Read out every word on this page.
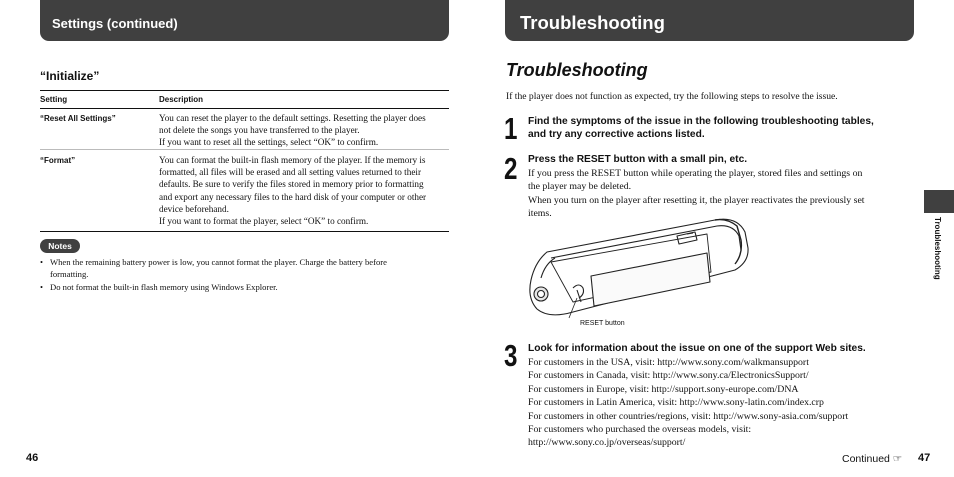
Settings (continued)
“Initialize”
Setting	Description
“Reset All Settings”	You can reset the player to the default settings. Resetting the player does
not delete the songs you have transferred to the player.
If you want to reset all the settings, select “OK” to confirm.
“Format”	You can format the built-in flash memory of the player. If the memory is
formatted, all files will be erased and all setting values returned to their
defaults. Be sure to verify the files stored in memory prior to formatting
and export any necessary files to the hard disk of your computer or other
device beforehand.
If you want to format the player, select “OK” to confirm.
Notes
• When the remaining battery power is low, you cannot format the player. Charge the battery before
formatting.
• Do not format the built-in flash memory using Windows Explorer.
46
Troubleshooting
Troubleshooting
If the player does not function as expected, try the following steps to resolve the issue.
1 Find the symptoms of the issue in the following troubleshooting tables,
and try any corrective actions listed.
2 Press the RESET button with a small pin, etc.
If you press the RESET button while operating the player, stored files and settings on
the player may be deleted.
When you turn on the player after resetting it, the player reactivates the previously set
items.
RESET button
3 Look for information about the issue on one of the support Web sites.
For customers in the USA, visit: http://www.sony.com/walkmansupport
For customers in Canada, visit: http://www.sony.ca/ElectronicsSupport/
For customers in Europe, visit: http://support.sony-europe.com/DNA
For customers in Latin America, visit: http://www.sony-latin.com/index.crp
For customers in other countries/regions, visit: http://www.sony-asia.com/support
For customers who purchased the overseas models, visit:
http://www.sony.co.jp/overseas/support/
Troubleshooting
Continued ☞ 47
